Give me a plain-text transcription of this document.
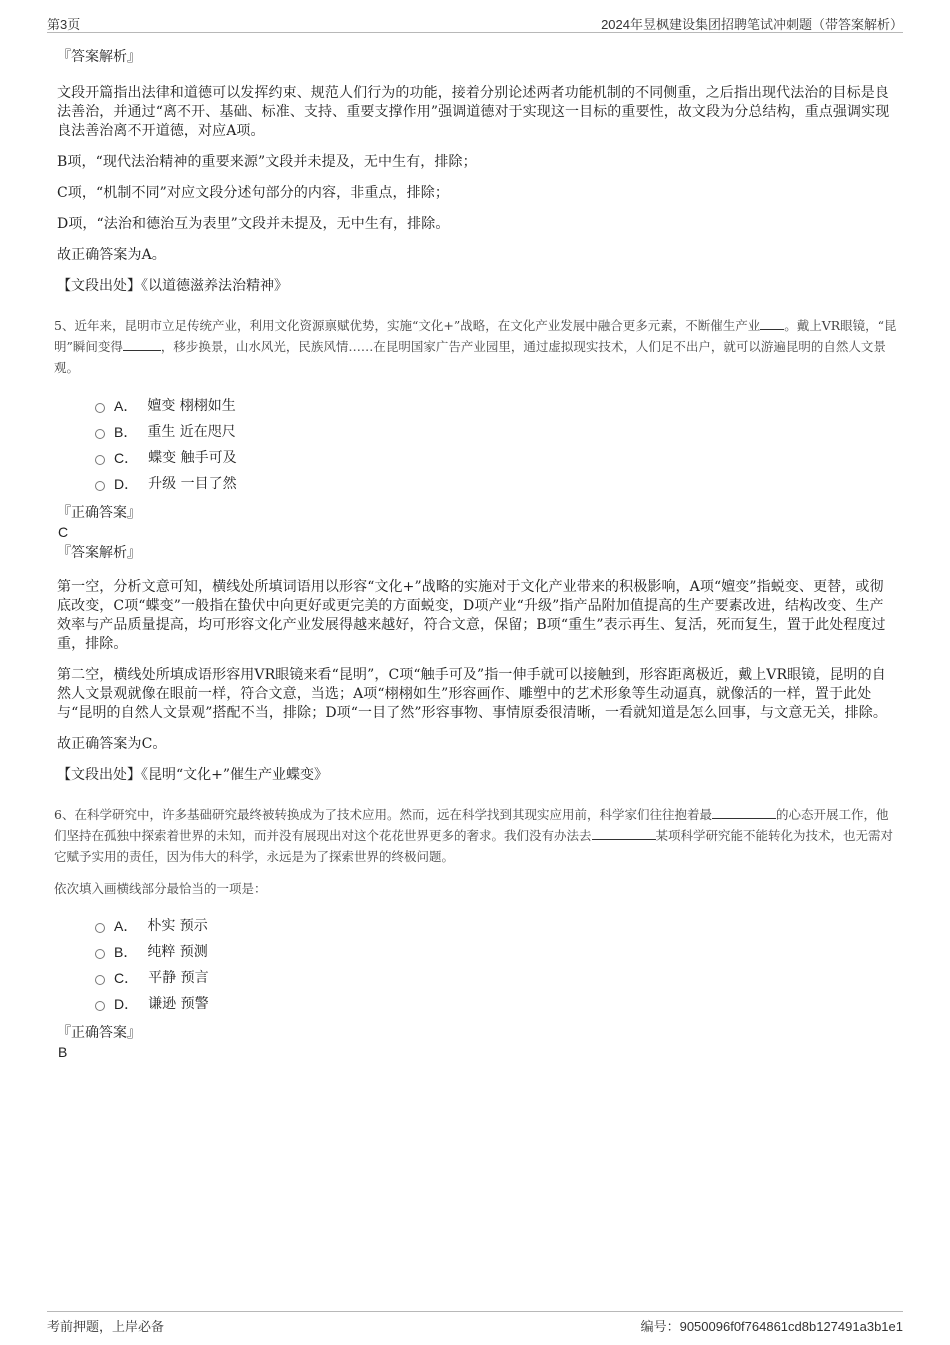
第3页	2024年昱枫建设集团招聘笔试冲刺题（带答案解析）

『答案解析』

文段开篇指出法律和道德可以发挥约束、规范人们行为的功能，接着分别论述两者功能机制的不同侧重，之后指出现代法治的目标是良法善治，并通过“离不开、基础、标准、支持、重要支撑作用”强调道德对于实现这一目标的重要性，故文段为分总结构，重点强调实现良法善治离不开道德，对应A项。

B项，“现代法治精神的重要来源”文段并未提及，无中生有，排除；

C项，“机制不同”对应文段分述句部分的内容，非重点，排除；

D项，“法治和德治互为表里”文段并未提及，无中生有，排除。

故正确答案为A。

【文段出处】《以道德滋养法治精神》

5、近年来，昆明市立足传统产业，利用文化资源禀赋优势，实施“文化+”战略，在文化产业发展中融合更多元素，不断催生产业 。戴上VR眼镜，“昆明”瞬间变得	，移步换景，山水风光，民族风情……在昆明国家广告产业园里，通过虚拟现实技术，人们足不出户，就可以游遍昆明的自然人文景观。

A． 嬗变 栩栩如生
B． 重生 近在咫尺
C． 蝶变 触手可及
D． 升级 一目了然

『正确答案』

C

『答案解析』

第一空，分析文意可知，横线处所填词语用以形容“文化+”战略的实施对于文化产业带来的积极影响，A项“嬗变”指蜕变、更替，或彻底改变，C项“蝶变”一般指在蛰伏中向更好或更完美的方面蜕变，D项产业“升级”指产品附加值提高的生产要素改进，结构改变、生产效率与产品质量提高，均可形容文化产业发展得越来越好，符合文意，保留；B项“重生”表示再生、复活，死而复生，置于此处程度过重，排除。

第二空，横线处所填成语形容用VR眼镜来看“昆明”，C项“触手可及”指一伸手就可以接触到，形容距离极近，戴上VR眼镜，昆明的自然人文景观就像在眼前一样，符合文意，当选；A项“栩栩如生”形容画作、雕塑中的艺术形象等生动逼真，就像活的一样，置于此处与“昆明的自然人文景观”搭配不当，排除；D项“一目了然”形容事物、事情原委很清晰，一看就知道是怎么回事，与文意无关，排除。

故正确答案为C。

【文段出处】《昆明“文化+”催生产业蝶变》

6、在科学研究中，许多基础研究最终被转换成为了技术应用。然而，远在科学找到其现实应用前，科学家们往往抱着最	的心态开展工作，他们坚持在孤独中探索着世界的未知，而并没有展现出对这个花花世界更多的奢求。我们没有办法去	某项科学研究能不能转化为技术，也无需对它赋予实用的责任，因为伟大的科学，永远是为了探索世界的终极问题。

依次填入画横线部分最恰当的一项是：

A． 朴实 预示
B． 纯粹 预测
C． 平静 预言
D． 谦逊 预警

『正确答案』

B

考前押题，上岸必备	编号：9050096f0f764861cd8b127491a3b1e1
